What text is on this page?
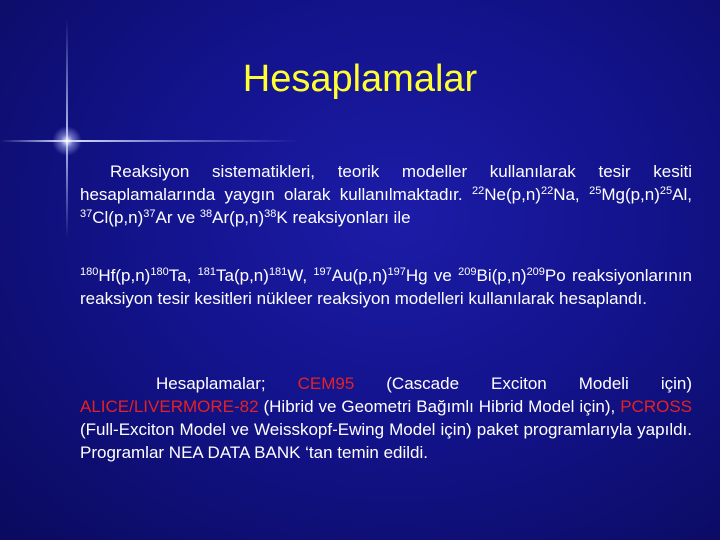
Hesaplamalar
Reaksiyon sistematikleri, teorik modeller kullanılarak tesir kesiti hesaplamalarında yaygın olarak kullanılmaktadır. $^{22}Ne(p,n)^{22}Na$, $^{25}Mg(p,n)^{25}Al$, $^{37}Cl(p,n)^{37}Ar$ ve $^{38}Ar(p,n)^{38}K$ reaksiyonları ile
$^{180}Hf(p,n)^{180}Ta$, $^{181}Ta(p,n)^{181}W$, $^{197}Au(p,n)^{197}Hg$ ve $^{209}Bi(p,n)^{209}Po$ reaksiyonlarının reaksiyon tesir kesitleri nükleer reaksiyon modelleri kullanılarak hesaplandı.
Hesaplamalar; CEM95 (Cascade Exciton Modeli için) ALICE/LIVERMORE-82 (Hibrid ve Geometri Bağımlı Hibrid Model için), PCROSS (Full-Exciton Model ve Weisskopf-Ewing Model için) paket programlarıyla yapıldı. Programlar NEA DATA BANK ‘tan temin edildi.
